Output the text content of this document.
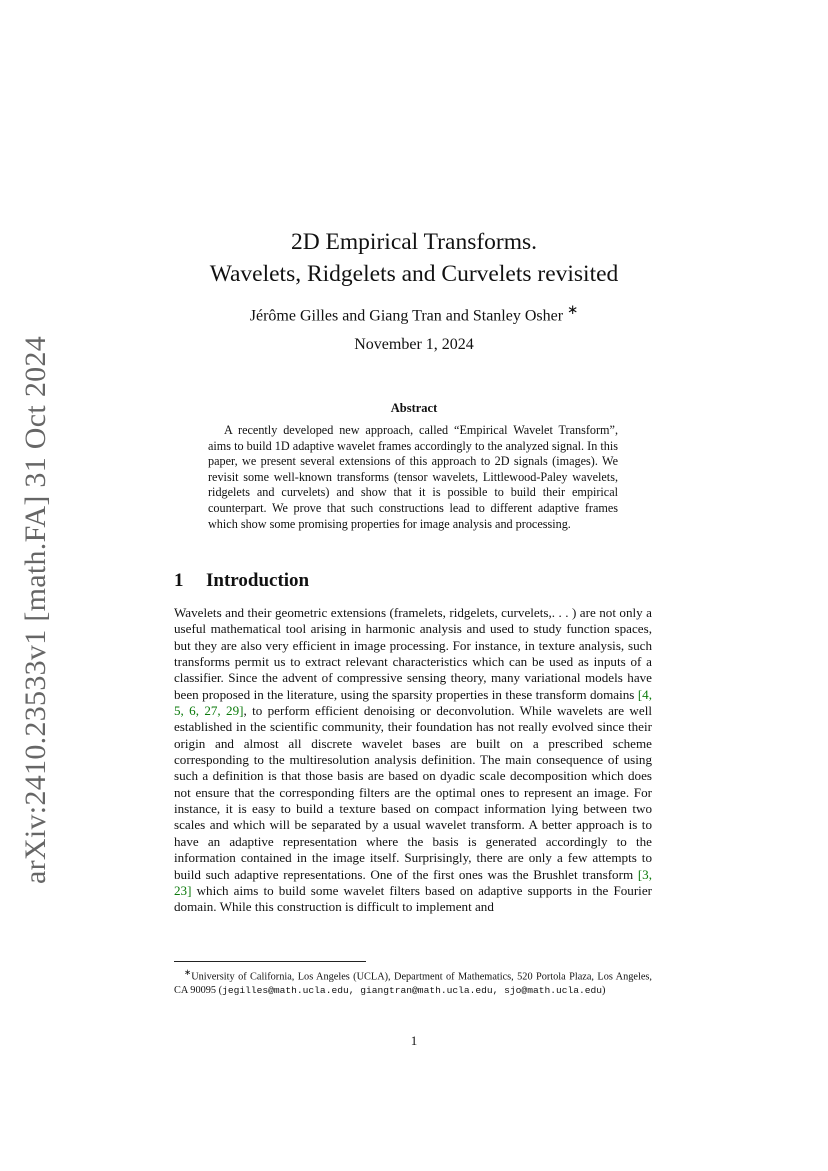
arXiv:2410.23533v1 [math.FA] 31 Oct 2024
2D Empirical Transforms.
Wavelets, Ridgelets and Curvelets revisited
Jérôme Gilles and Giang Tran and Stanley Osher ∗
November 1, 2024
Abstract

A recently developed new approach, called “Empirical Wavelet Transform”, aims to build 1D adaptive wavelet frames accordingly to the analyzed signal. In this paper, we present several extensions of this approach to 2D signals (images). We revisit some well-known transforms (tensor wavelets, Littlewood-Paley wavelets, ridgelets and curvelets) and show that it is possible to build their empirical counterpart. We prove that such constructions lead to different adaptive frames which show some promising properties for image analysis and processing.

1 Introduction

Wavelets and their geometric extensions (framelets, ridgelets, curvelets,. . . ) are not only a useful mathematical tool arising in harmonic analysis and used to study function spaces, but they are also very efficient in image processing. For instance, in texture analysis, such transforms permit us to extract relevant characteristics which can be used as inputs of a classifier. Since the advent of compressive sensing theory, many variational models have been proposed in the literature, using the sparsity properties in these transform domains [4, 5, 6, 27, 29], to perform efficient denoising or deconvolution. While wavelets are well established in the scientific community, their foundation has not really evolved since their origin and almost all discrete wavelet bases are built on a prescribed scheme corresponding to the multiresolution analysis definition. The main consequence of using such a definition is that those basis are based on dyadic scale decomposition which does not ensure that the corresponding filters are the optimal ones to represent an image. For instance, it is easy to build a texture based on compact information lying between two scales and which will be separated by a usual wavelet transform. A better approach is to have an adaptive representation where the basis is generated accordingly to the information contained in the image itself. Surprisingly, there are only a few attempts to build such adaptive representations. One of the first ones was the Brushlet transform [3, 23] which aims to build some wavelet filters based on adaptive supports in the Fourier domain. While this construction is difficult to implement and

∗University of California, Los Angeles (UCLA), Department of Mathematics, 520 Portola Plaza, Los Angeles, CA 90095 (jegilles@math.ucla.edu, giangtran@math.ucla.edu, sjo@math.ucla.edu)

1
